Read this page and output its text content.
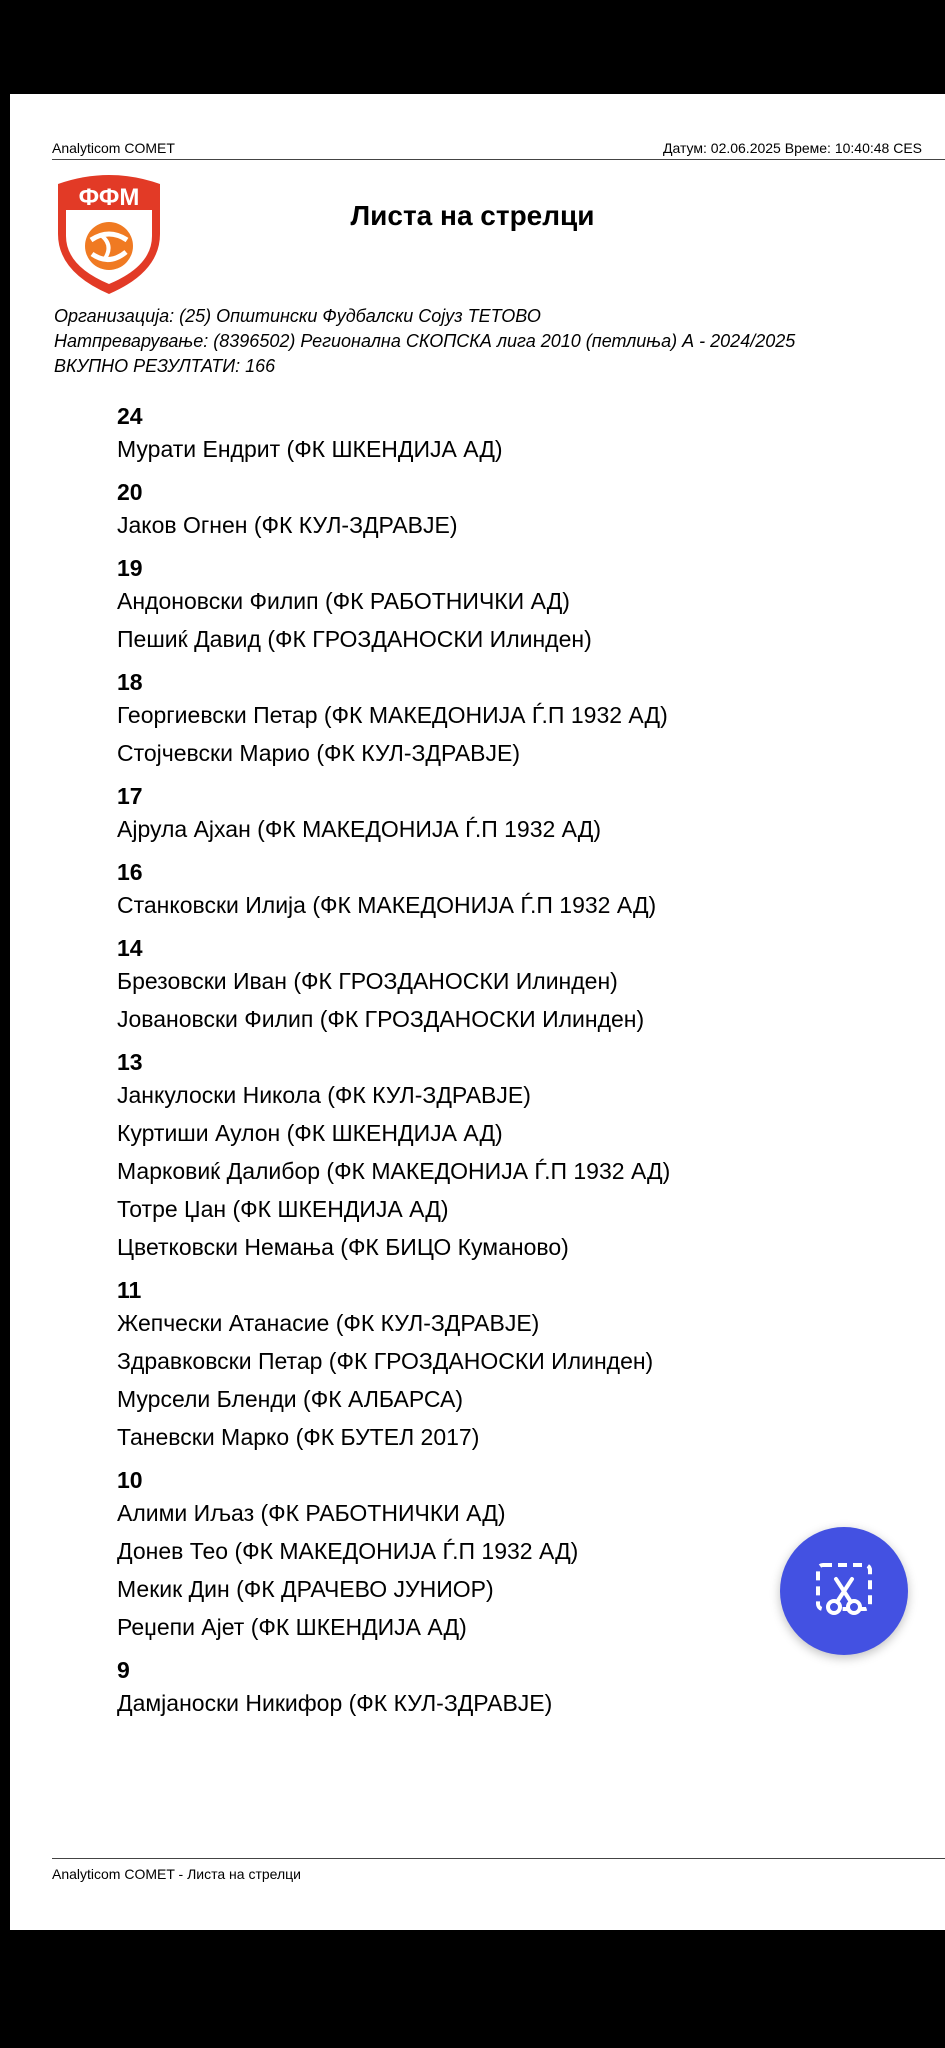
Analyticom COMET	Датум: 02.06.2025 Време: 10:40:48 CES
ФФМ
Листа на стрелци
Организација: (25) Општински Фудбалски Сојуз ТЕТОВО
Натпреварување: (8396502) Регионална СКОПСКА лига 2010 (петлиња) А - 2024/2025
ВКУПНО РЕЗУЛТАТИ: 166
24
Мурати Ендрит (ФК ШКЕНДИЈА АД)
20
Јаков Огнен (ФК КУЛ-ЗДРАВЈЕ)
19
Андоновски Филип (ФК РАБОТНИЧКИ АД)
Пешиќ Давид (ФК ГРОЗДАНОСКИ Илинден)
18
Георгиевски Петар (ФК МАКЕДОНИЈА Ѓ.П 1932 АД)
Стојчевски Марио (ФК КУЛ-ЗДРАВЈЕ)
17
Ајрула Ајхан (ФК МАКЕДОНИЈА Ѓ.П 1932 АД)
16
Станковски Илија (ФК МАКЕДОНИЈА Ѓ.П 1932 АД)
14
Брезовски Иван (ФК ГРОЗДАНОСКИ Илинден)
Јовановски Филип (ФК ГРОЗДАНОСКИ Илинден)
13
Јанкулоски Никола (ФК КУЛ-ЗДРАВЈЕ)
Куртиши Аулон (ФК ШКЕНДИЈА АД)
Марковиќ Далибор (ФК МАКЕДОНИЈА Ѓ.П 1932 АД)
Тотре Џан (ФК ШКЕНДИЈА АД)
Цветковски Немања (ФК БИЦО Куманово)
11
Жепчески Атанасие (ФК КУЛ-ЗДРАВЈЕ)
Здравковски Петар (ФК ГРОЗДАНОСКИ Илинден)
Мурсели Бленди (ФК АЛБАРСА)
Таневски Марко (ФК БУТЕЛ 2017)
10
Алими Иљаз (ФК РАБОТНИЧКИ АД)
Донев Тео (ФК МАКЕДОНИЈА Ѓ.П 1932 АД)
Мекик Дин (ФК ДРАЧЕВО ЈУНИОР)
Реџепи Ајет (ФК ШКЕНДИЈА АД)
9
Дамјаноски Никифор (ФК КУЛ-ЗДРАВЈЕ)
Analyticom COMET - Листа на стрелци
